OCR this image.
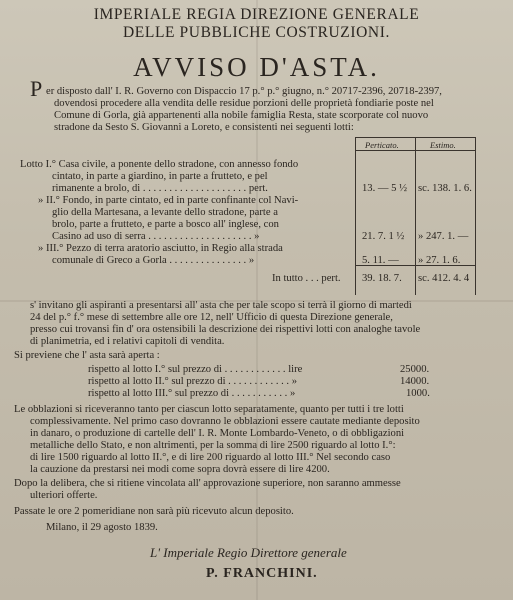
IMPERIALE REGIA DIREZIONE GENERALE
DELLE PUBBLICHE COSTRUZIONI.
AVVISO D'ASTA.
P er disposto dall' I. R. Governo con Dispaccio 17 p.° p.° giugno, n.° 20717-2396, 20718-2397,
dovendosi procedere alla vendita delle residue porzioni delle proprietà fondiarie poste nel
Comune di Gorla, già appartenenti alla nobile famiglia Resta, state scorporate col nuovo
stradone da Sesto S. Giovanni a Loreto, e consistenti nei seguenti lotti:
Perticato.	Estimo.
Lotto I.° Casa civile, a ponente dello stradone, con annesso fondo
cintato, in parte a giardino, in parte a frutteto, e pel
rimanente a brolo, di . . . . . . . . . . . . . . . . . . . . pert.	13. — 5 ½ sc. 138. 1. 6.
» II.° Fondo, in parte cintato, ed in parte confinante col Navi-
glio della Martesana, a levante dello stradone, parte a
brolo, parte a frutteto, e parte a bosco all' inglese, con
Casino ad uso di serra . . . . . . . . . . . . . . . . . . . . »	21. 7. 1 ½ » 247. 1. —
» III.° Pezzo di terra aratorio asciutto, in Regio alla strada
comunale di Greco a Gorla . . . . . . . . . . . . . . . »	5. 11. — » 27. 1. 6.
In tutto . . . pert. 39. 18. 7. sc. 412. 4. 4
s' invitano gli aspiranti a presentarsi all' asta che per tale scopo si terrà il giorno di martedì
24 del p.° f.° mese di settembre alle ore 12, nell' Ufficio di questa Direzione generale,
presso cui trovansi fin d' ora ostensibili la descrizione dei rispettivi lotti con analoghe tavole
di planimetria, ed i relativi capitoli di vendita.
Si previene che l' asta sarà aperta :
rispetto al lotto I.° sul prezzo di . . . . . . . . . . . . lire	25000.
rispetto al lotto II.° sul prezzo di . . . . . . . . . . . . »	14000.
rispetto al lotto III.° sul prezzo di . . . . . . . . . . . »	1000.
Le obblazioni si riceveranno tanto per ciascun lotto separatamente, quanto per tutti i tre lotti
complessivamente. Nel primo caso dovranno le obblazioni essere cautate mediante deposito
in danaro, o produzione di cartelle dell' I. R. Monte Lombardo-Veneto, o di obbligazioni
metalliche dello Stato, e non altrimenti, per la somma di lire 2500 riguardo al lotto I.°:
di lire 1500 riguardo al lotto II.°, e di lire 200 riguardo al lotto III.° Nel secondo caso
la cauzione da prestarsi nei modi come sopra dovrà essere di lire 4200.
Dopo la delibera, che si ritiene vincolata all' approvazione superiore, non saranno ammesse
ulteriori offerte.
Passate le ore 2 pomeridiane non sarà più ricevuto alcun deposito.
Milano, il 29 agosto 1839.
L' Imperiale Regio Direttore generale
P. FRANCHINI.
